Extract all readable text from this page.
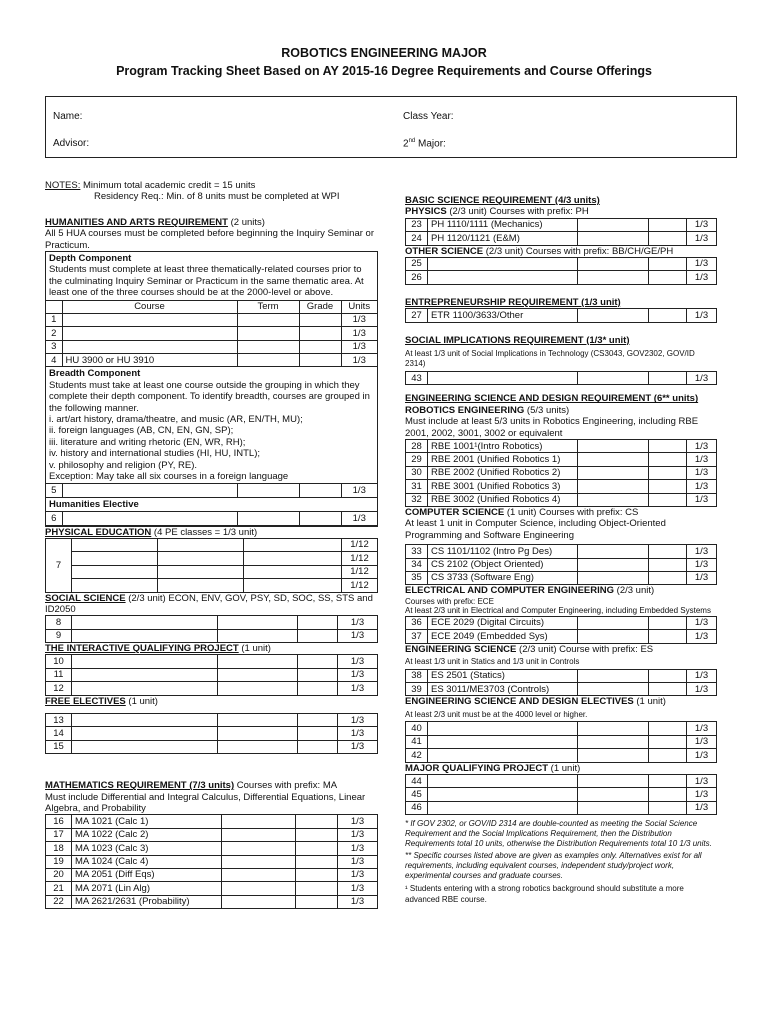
ROBOTICS ENGINEERING MAJOR
Program Tracking Sheet Based on AY 2015-16 Degree Requirements and Course Offerings
Name:	Class Year:
Advisor:	2nd Major:
NOTES: Minimum total academic credit = 15 units
Residency Req.: Min. of 8 units must be completed at WPI
HUMANITIES AND ARTS REQUIREMENT (2 units)
All 5 HUA courses must be completed before beginning the Inquiry Seminar or Practicum.
Depth Component
Students must complete at least three thematically-related courses prior to the culminating Inquiry Seminar or Practicum in the same thematic area. At least one of the three courses should be at the 2000-level or above.
	Course	Term	Grade	Units
1				1/3
2				1/3
3				1/3
4	HU 3900 or HU 3910			1/3
Breadth Component
Students must take at least one course outside the grouping in which they complete their depth component. To identify breadth, courses are grouped in the following manner.
i. art/art history, drama/theatre, and music (AR, EN/TH, MU);
ii. foreign languages (AB, CN, EN, GN, SP);
iii. literature and writing rhetoric (EN, WR, RH);
iv. history and international studies (HI, HU, INTL);
v. philosophy and religion (PY, RE).
Exception: May take all six courses in a foreign language
5				1/3
Humanities Elective
6				1/3
PHYSICAL EDUCATION (4 PE classes = 1/3 unit)
7				1/12
				1/12
				1/12
				1/12
SOCIAL SCIENCE (2/3 unit) ECON, ENV, GOV, PSY, SD, SOC, SS, STS and ID2050
8				1/3
9				1/3
THE INTERACTIVE QUALIFYING PROJECT (1 unit)
10				1/3
11				1/3
12				1/3
FREE ELECTIVES (1 unit)
13				1/3
14				1/3
15				1/3
MATHEMATICS REQUIREMENT (7/3 units) Courses with prefix: MA
Must include Differential and Integral Calculus, Differential Equations, Linear Algebra, and Probability
16	MA 1021 (Calc 1)			1/3
17	MA 1022 (Calc 2)			1/3
18	MA 1023 (Calc 3)			1/3
19	MA 1024 (Calc 4)			1/3
20	MA 2051 (Diff Eqs)			1/3
21	MA 2071 (Lin Alg)			1/3
22	MA 2621/2631 (Probability)			1/3
BASIC SCIENCE REQUIREMENT (4/3 units)
PHYSICS (2/3 unit) Courses with prefix: PH
23	PH 1110/1111 (Mechanics)			1/3
24	PH 1120/1121 (E&M)			1/3
OTHER SCIENCE (2/3 unit) Courses with prefix: BB/CH/GE/PH
25				1/3
26				1/3
ENTREPRENEURSHIP REQUIREMENT (1/3 unit)
27	ETR 1100/3633/Other			1/3
SOCIAL IMPLICATIONS REQUIREMENT (1/3* unit)
At least 1/3 unit of Social Implications in Technology (CS3043, GOV2302, GOV/ID 2314)
43				1/3
ENGINEERING SCIENCE AND DESIGN REQUIREMENT (6** units)
ROBOTICS ENGINEERING (5/3 units)
Must include at least 5/3 units in Robotics Engineering, including RBE 2001, 2002, 3001, 3002 or equivalent
28	RBE 1001¹(Intro Robotics)			1/3
29	RBE 2001 (Unified Robotics 1)			1/3
30	RBE 2002 (Unified Robotics 2)			1/3
31	RBE 3001 (Unified Robotics 3)			1/3
32	RBE 3002 (Unified Robotics 4)			1/3
COMPUTER SCIENCE (1 unit) Courses with prefix: CS
At least 1 unit in Computer Science, including Object-Oriented Programming and Software Engineering
33	CS 1101/1102 (Intro Pg Des)			1/3
34	CS 2102 (Object Oriented)			1/3
35	CS 3733 (Software Eng)			1/3
ELECTRICAL AND COMPUTER ENGINEERING (2/3 unit)
Courses with prefix: ECE
At least 2/3 unit in Electrical and Computer Engineering, including Embedded Systems
36	ECE 2029 (Digital Circuits)			1/3
37	ECE 2049 (Embedded Sys)			1/3
ENGINEERING SCIENCE (2/3 unit) Course with prefix: ES
At least 1/3 unit in Statics and 1/3 unit in Controls
38	ES 2501 (Statics)			1/3
39	ES 3011/ME3703 (Controls)			1/3
ENGINEERING SCIENCE AND DESIGN ELECTIVES (1 unit)
At least 2/3 unit must be at the 4000 level or higher.
40				1/3
41				1/3
42				1/3
MAJOR QUALIFYING PROJECT (1 unit)
44				1/3
45				1/3
46				1/3
* If GOV 2302, or GOV/ID 2314 are double-counted as meeting the Social Science Requirement and the Social Implications Requirement, then the Distribution Requirements total 10 units, otherwise the Distribution Requirements total 10 1/3 units.
** Specific courses listed above are given as examples only. Alternatives exist for all requirements, including equivalent courses, independent study/project work, experimental courses and graduate courses.
¹ Students entering with a strong robotics background should substitute a more advanced RBE course.
